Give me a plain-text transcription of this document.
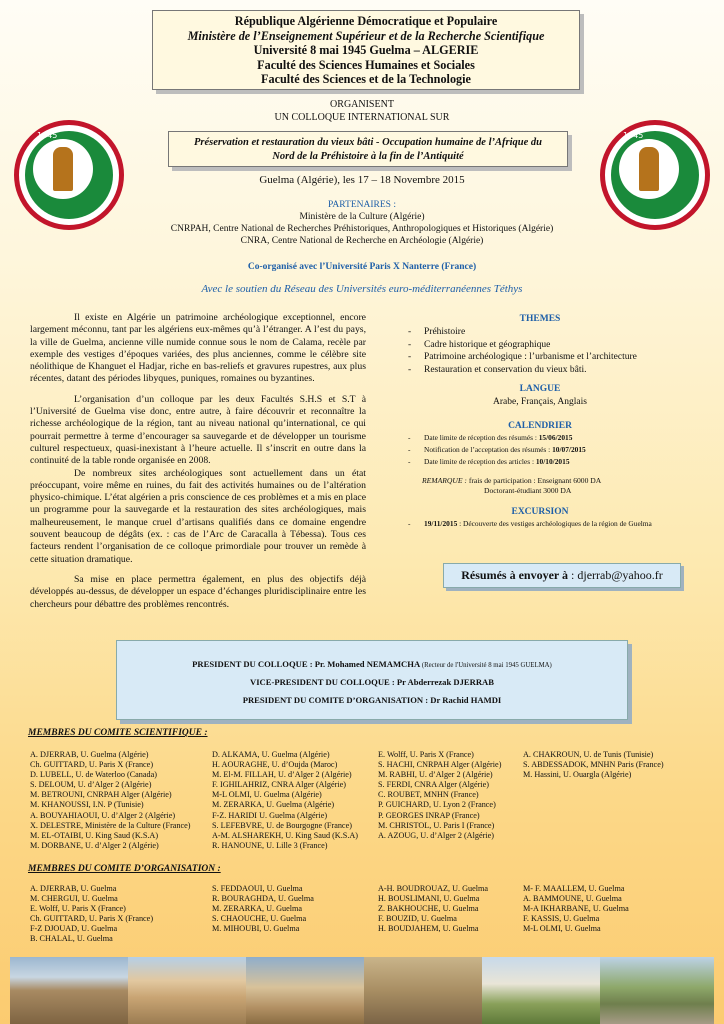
République Algérienne Démocratique et Populaire
Ministère de l’Enseignement Supérieur et de la Recherche Scientifique
Université 8 mai 1945 Guelma – ALGERIE
Faculté des Sciences Humaines et Sociales
Faculté des Sciences et de la Technologie
1945	1945
ORGANISENT
UN COLLOQUE INTERNATIONAL SUR
Préservation et restauration du vieux bâti - Occupation humaine de l’Afrique du
Nord de la Préhistoire à la fin de l’Antiquité
Guelma (Algérie), les 17 – 18 Novembre 2015
PARTENAIRES :
Ministère de la Culture (Algérie)
CNRPAH, Centre National de Recherches Préhistoriques, Anthropologiques et Historiques (Algérie)
CNRA, Centre National de Recherche en Archéologie (Algérie)
Co-organisé avec l’Université Paris X Nanterre (France)
Avec le soutien du Réseau des Universités euro-méditerranéennes Téthys

Il existe en Algérie un patrimoine archéologique exceptionnel, encore largement méconnu, tant par les algériens eux-mêmes qu’à l’étranger. A l’est du pays, la ville de Guelma, ancienne ville numide connue sous le nom de Calama, recèle par exemple des vestiges d’époques variées, des plus anciennes, comme le célèbre site néolithique de Khanguet el Hadjar, riche en bas-reliefs et gravures rupestres, aux plus récentes, datant des périodes libyques, puniques, romaines ou byzantines.

L’organisation d’un colloque par les deux Facultés S.H.S et S.T à l’Université de Guelma vise donc, entre autre, à faire découvrir et reconnaître la richesse archéologique de la région, tant au niveau national qu’international, ce qui pourrait permettre à terme d’encourager sa sauvegarde et de développer un tourisme culturel respectueux, quasi-inexistant à l’heure actuelle. Il s’inscrit en outre dans la continuité de la table ronde organisée en 2008.

De nombreux sites archéologiques sont actuellement dans un état préoccupant, voire même en ruines, du fait des activités humaines ou de l’altération physico-chimique. L’état algérien a pris conscience de ces problèmes et a mis en place un programme pour la sauvegarde et la restauration des sites archéologiques, mais malheureusement, le manque cruel d’artisans qualifiés dans ce domaine engendre souvent beaucoup de dégâts (ex. : cas de l’Arc de Caracalla à Tébessa). Tous ces facteurs rendent l’organisation de ce colloque primordiale pour trouver un remède à cette situation dramatique.

Sa mise en place permettra également, en plus des objectifs déjà développés au-dessus, de développer un espace d’échanges pluridisciplinaire entre les chercheurs pour débattre des problèmes rencontrés.

THEMES
- Préhistoire
- Cadre historique et géographique
- Patrimoine archéologique : l’urbanisme et l’architecture
- Restauration et conservation du vieux bâti.
LANGUE
Arabe, Français, Anglais
CALENDRIER
- Date limite de réception des résumés : 15/06/2015
- Notification de l’acceptation des résumés : 10/07/2015
- Date limite de réception des articles : 10/10/2015
REMARQUE : frais de participation : Enseignant 6000 DA
Doctorant-étudiant 3000 DA
EXCURSION
- 19/11/2015 : Découverte des vestiges archéologiques de la région de Guelma
Résumés à envoyer à : djerrab@yahoo.fr
PRESIDENT DU COLLOQUE : Pr. Mohamed NEMAMCHA (Recteur de l'Université 8 mai 1945 GUELMA)
VICE-PRESIDENT DU COLLOQUE : Pr Abderrezak DJERRAB
PRESIDENT DU COMITE D’ORGANISATION : Dr Rachid HAMDI
MEMBRES DU COMITE SCIENTIFIQUE :
A. DJERRAB, U. Guelma (Algérie)
Ch. GUITTARD, U. Paris X (France)
D. LUBELL, U. de Waterloo (Canada)
S. DELOUM, U. d’Alger 2 (Algérie)
M. BETROUNI, CNRPAH Alger (Algérie)
M. KHANOUSSI, I.N. P (Tunisie)
A. BOUYAHIAOUI, U. d’Alger 2 (Algérie)
X. DELESTRE, Ministère de la Culture (France)
M. EL-OTAIBI, U. King Saud (K.S.A)
M. DORBANE, U. d’Alger 2 (Algérie)
D. ALKAMA, U. Guelma (Algérie)
H. AOURAGHE, U. d’Oujda (Maroc)
M. El-M. FILLAH, U. d’Alger 2 (Algérie)
F. IGHILAHRIZ, CNRA Alger (Algérie)
M-L OLMI, U. Guelma (Algérie)
M. ZERARKA, U. Guelma (Algérie)
F-Z. HARIDI U. Guelma (Algérie)
S. LEFEBVRE, U. de Bourgogne (France)
A-M. ALSHAREKH, U. King Saud (K.S.A)
R. HANOUNE, U. Lille 3 (France)
E. Wolff, U. Paris X (France)
S. HACHI, CNRPAH Alger (Algérie)
M. RABHI, U. d’Alger 2 (Algérie)
S. FERDI, CNRA Alger (Algérie)
C. ROUBET, MNHN (France)
P. GUICHARD, U. Lyon 2 (France)
P. GEORGES INRAP (France)
M. CHRISTOL, U. Paris I (France)
A. AZOUG, U. d’Alger 2 (Algérie)
A. CHAKROUN, U. de Tunis (Tunisie)
S. ABDESSADOK, MNHN Paris (France)
M. Hassini, U. Ouargla (Algérie)
MEMBRES DU COMITE D’ORGANISATION :
A. DJERRAB, U. Guelma
M. CHERGUI, U. Guelma
E. Wolff, U. Paris X (France)
Ch. GUITTARD, U. Paris X (France)
F-Z DJOUAD, U. Guelma
B. CHALAL, U. Guelma
S. FEDDAOUI, U. Guelma
R. BOURAGHDA, U. Guelma
M. ZERARKA, U. Guelma
S. CHAOUCHE, U. Guelma
M. MIHOUBI, U. Guelma
A-H. BOUDROUAZ, U. Guelma
H. BOUSLIMANI, U. Guelma
Z. BAKHOUCHE, U. Guelma
F. BOUZID, U. Guelma
H. BOUDJAHEM, U. Guelma
M- F. MAALLEM, U. Guelma
A. BAMMOUNE, U. Guelma
M-A IKHARBANE, U. Guelma
F. KASSIS, U. Guelma
M-L OLMI, U. Guelma
